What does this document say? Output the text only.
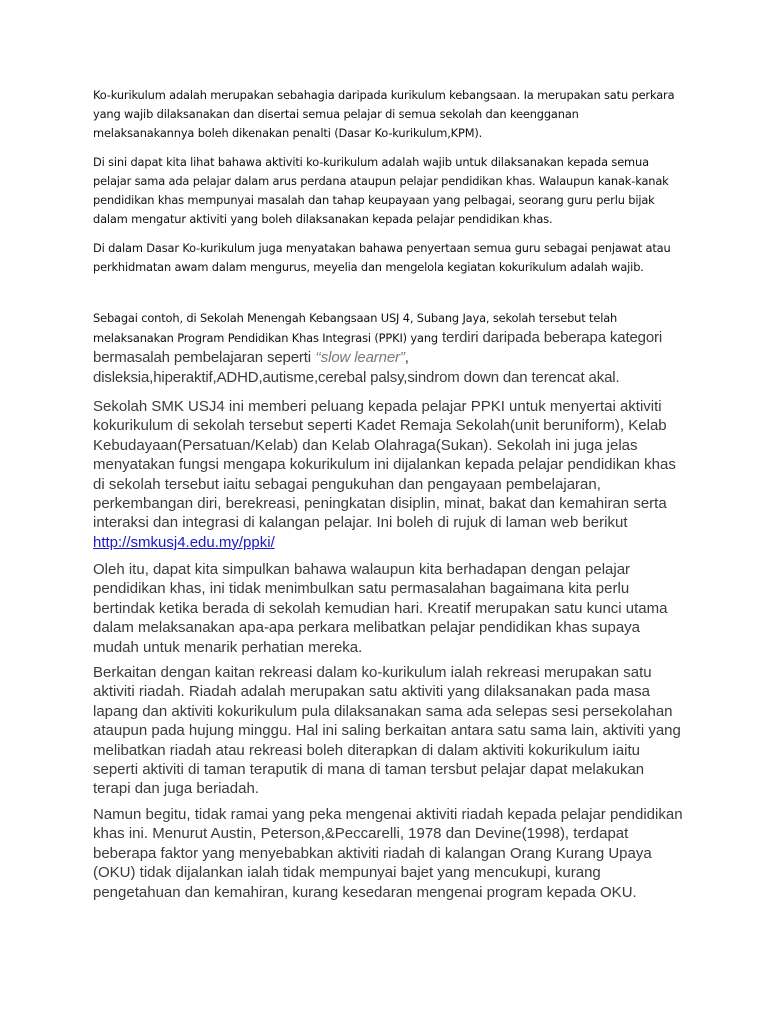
Ko-kurikulum adalah merupakan sebahagia daripada kurikulum kebangsaan. Ia merupakan satu perkara yang wajib dilaksanakan dan disertai semua pelajar di semua sekolah dan keengganan melaksanakannya boleh dikenakan penalti (Dasar Ko-kurikulum,KPM).

Di sini dapat kita lihat bahawa aktiviti ko-kurikulum adalah wajib untuk dilaksanakan kepada semua pelajar sama ada pelajar dalam arus perdana ataupun pelajar pendidikan khas. Walaupun kanak-kanak pendidikan khas mempunyai masalah dan tahap keupayaan yang pelbagai, seorang guru perlu bijak dalam mengatur aktiviti yang boleh dilaksanakan kepada pelajar pendidikan khas.

Di dalam Dasar Ko-kurikulum juga menyatakan bahawa penyertaan semua guru sebagai penjawat atau perkhidmatan awam dalam mengurus, meyelia dan mengelola kegiatan kokurikulum adalah wajib.

Sebagai contoh, di Sekolah Menengah Kebangsaan USJ 4, Subang Jaya, sekolah tersebut telah melaksanakan Program Pendidikan Khas Integrasi (PPKI) yang terdiri daripada beberapa kategori bermasalah pembelajaran seperti ‘‘slow learner”, disleksia,hiperaktif,ADHD,autisme,cerebal palsy,sindrom down dan terencat akal.

Sekolah SMK USJ4 ini memberi peluang kepada pelajar PPKI untuk menyertai aktiviti kokurikulum di sekolah tersebut seperti Kadet Remaja Sekolah(unit beruniform), Kelab Kebudayaan(Persatuan/Kelab) dan Kelab Olahraga(Sukan). Sekolah ini juga jelas menyatakan fungsi mengapa kokurikulum ini dijalankan kepada pelajar pendidikan khas di sekolah tersebut iaitu sebagai pengukuhan dan pengayaan pembelajaran, perkembangan diri, berekreasi, peningkatan disiplin, minat, bakat dan kemahiran serta interaksi dan integrasi di kalangan pelajar. Ini boleh di rujuk di laman web berikut
http://smkusj4.edu.my/ppki/

Oleh itu, dapat kita simpulkan bahawa walaupun kita berhadapan dengan pelajar pendidikan khas, ini tidak menimbulkan satu permasalahan bagaimana kita perlu bertindak ketika berada di sekolah kemudian hari. Kreatif merupakan satu kunci utama dalam melaksanakan apa-apa perkara melibatkan pelajar pendidikan khas supaya mudah untuk menarik perhatian mereka.

Berkaitan dengan kaitan rekreasi dalam ko-kurikulum ialah rekreasi merupakan satu aktiviti riadah. Riadah adalah merupakan satu aktiviti yang dilaksanakan pada masa lapang dan aktiviti kokurikulum pula dilaksanakan sama ada selepas sesi persekolahan ataupun pada hujung minggu. Hal ini saling berkaitan antara satu sama lain, aktiviti yang melibatkan riadah atau rekreasi boleh diterapkan di dalam aktiviti kokurikulum iaitu seperti aktiviti di taman teraputik di mana di taman tersbut pelajar dapat melakukan terapi dan juga beriadah.

Namun begitu, tidak ramai yang peka mengenai aktiviti riadah kepada pelajar pendidikan khas ini. Menurut Austin, Peterson,&Peccarelli, 1978 dan Devine(1998), terdapat beberapa faktor yang menyebabkan aktiviti riadah di kalangan Orang Kurang Upaya (OKU) tidak dijalankan ialah tidak mempunyai bajet yang mencukupi, kurang pengetahuan dan kemahiran, kurang kesedaran mengenai program kepada OKU.
